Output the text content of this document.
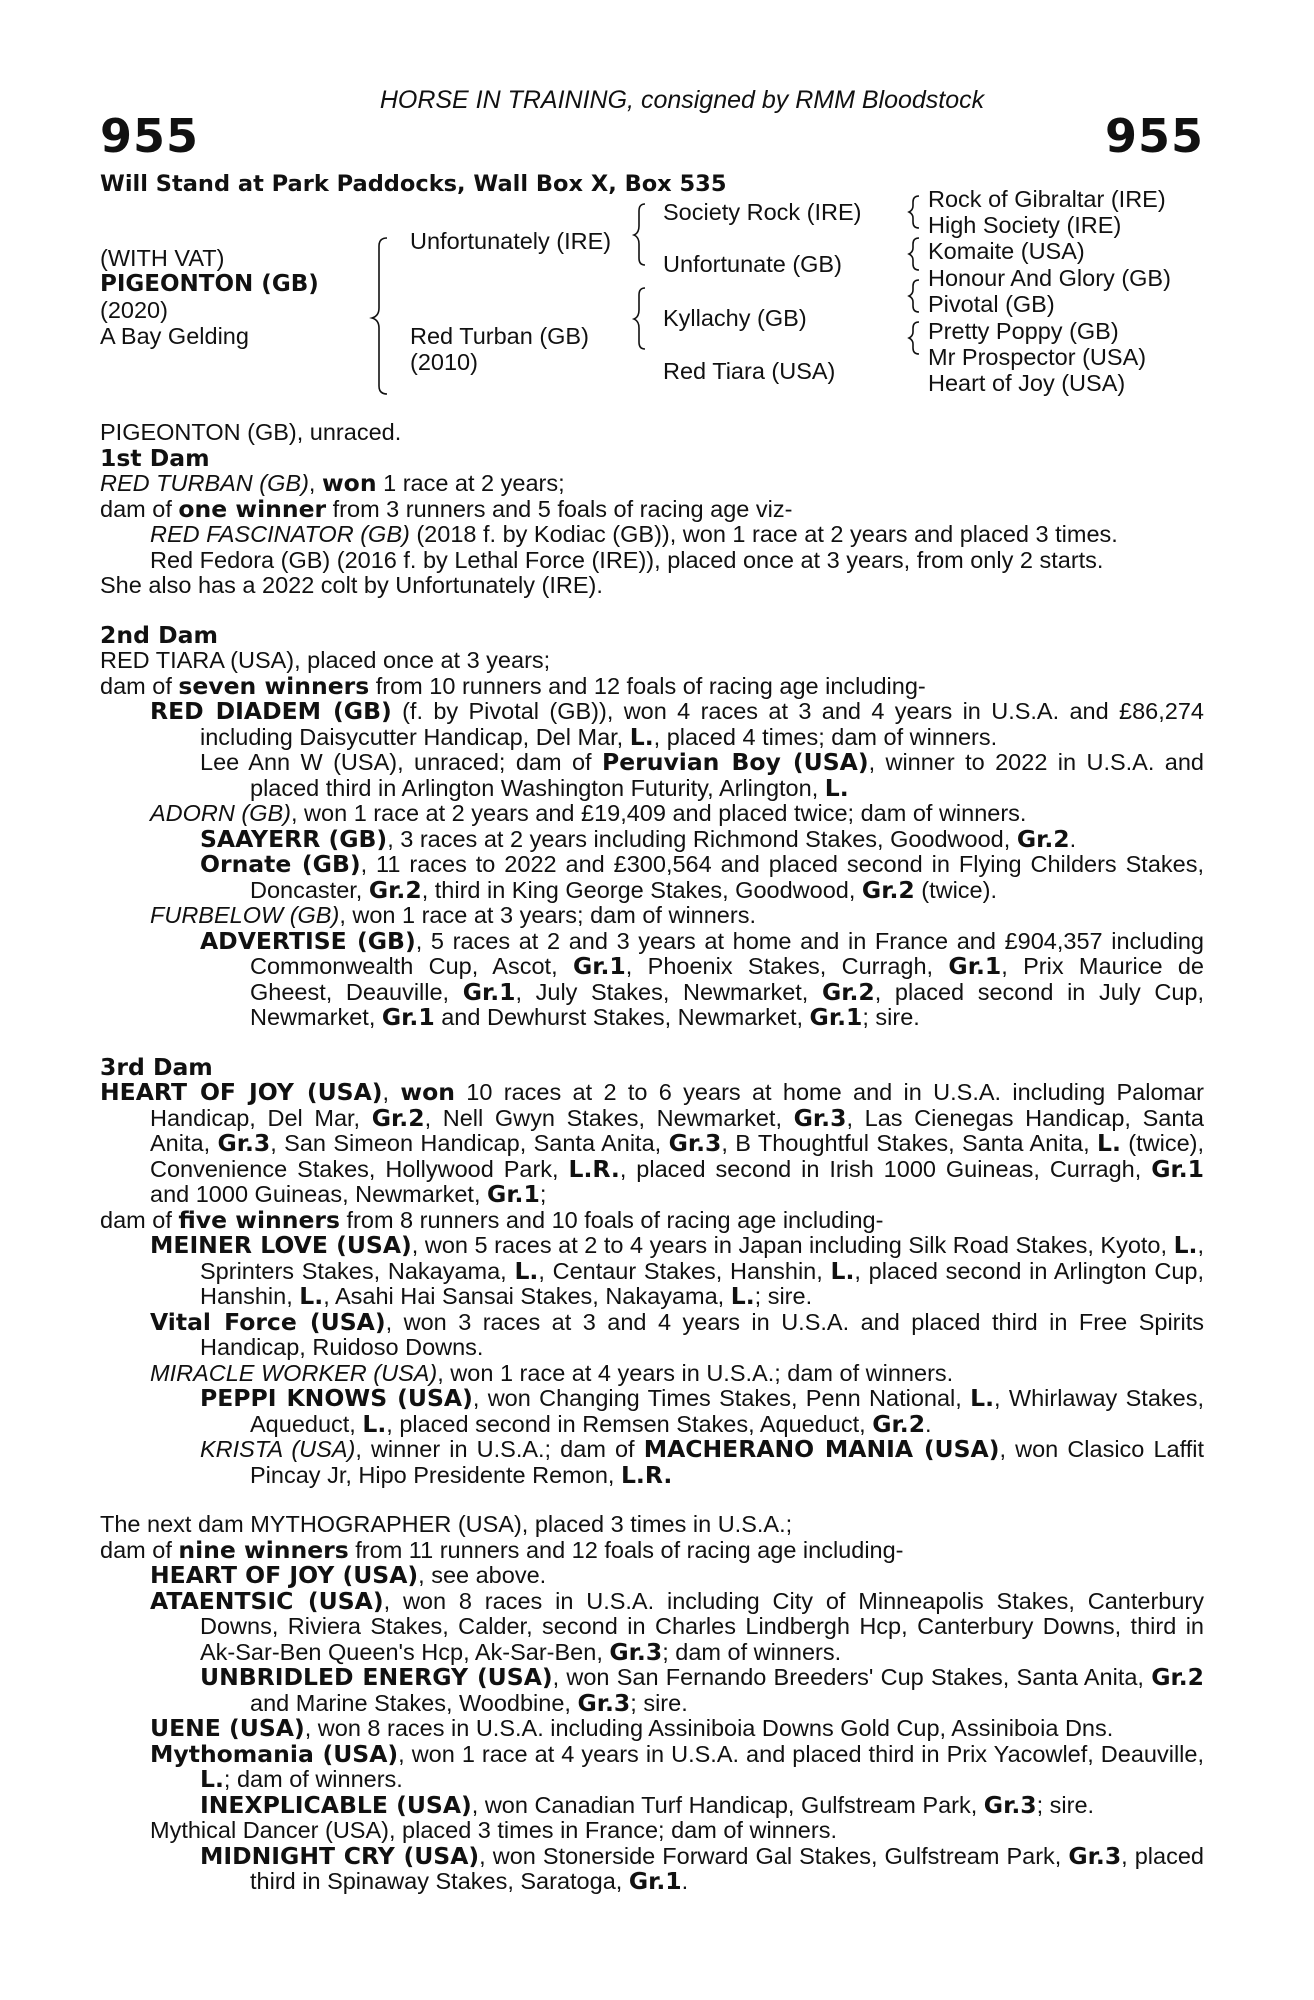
HORSE IN TRAINING, consigned by RMM Bloodstock
955	955
Will Stand at Park Paddocks, Wall Box X, Box 535
(WITH VAT)
PIGEONTON (GB)
(2020)
A Bay Gelding
Unfortunately (IRE)
Red Turban (GB)
(2010)
Society Rock (IRE)
Unfortunate (GB)
Kyllachy (GB)
Red Tiara (USA)
Rock of Gibraltar (IRE)
High Society (IRE)
Komaite (USA)
Honour And Glory (GB)
Pivotal (GB)
Pretty Poppy (GB)
Mr Prospector (USA)
Heart of Joy (USA)

PIGEONTON (GB), unraced.

1st Dam

RED TURBAN (GB), won 1 race at 2 years;

dam of one winner from 3 runners and 5 foals of racing age viz-

RED FASCINATOR (GB) (2018 f. by Kodiac (GB)), won 1 race at 2 years and placed 3 times.

Red Fedora (GB) (2016 f. by Lethal Force (IRE)), placed once at 3 years, from only 2 starts.

She also has a 2022 colt by Unfortunately (IRE).

2nd Dam

RED TIARA (USA), placed once at 3 years;

dam of seven winners from 10 runners and 12 foals of racing age including-

RED DIADEM (GB) (f. by Pivotal (GB)), won 4 races at 3 and 4 years in U.S.A. and £86,274 including Daisycutter Handicap, Del Mar, L., placed 4 times; dam of winners.

Lee Ann W (USA), unraced; dam of Peruvian Boy (USA), winner to 2022 in U.S.A. and placed third in Arlington Washington Futurity, Arlington, L.

ADORN (GB), won 1 race at 2 years and £19,409 and placed twice; dam of winners.

SAAYERR (GB), 3 races at 2 years including Richmond Stakes, Goodwood, Gr.2.

Ornate (GB), 11 races to 2022 and £300,564 and placed second in Flying Childers Stakes, Doncaster, Gr.2, third in King George Stakes, Goodwood, Gr.2 (twice).

FURBELOW (GB), won 1 race at 3 years; dam of winners.

ADVERTISE (GB), 5 races at 2 and 3 years at home and in France and £904,357 including Commonwealth Cup, Ascot, Gr.1, Phoenix Stakes, Curragh, Gr.1, Prix Maurice de Gheest, Deauville, Gr.1, July Stakes, Newmarket, Gr.2, placed second in July Cup, Newmarket, Gr.1 and Dewhurst Stakes, Newmarket, Gr.1; sire.

3rd Dam

HEART OF JOY (USA), won 10 races at 2 to 6 years at home and in U.S.A. including Palomar Handicap, Del Mar, Gr.2, Nell Gwyn Stakes, Newmarket, Gr.3, Las Cienegas Handicap, Santa Anita, Gr.3, San Simeon Handicap, Santa Anita, Gr.3, B Thoughtful Stakes, Santa Anita, L. (twice), Convenience Stakes, Hollywood Park, L.R., placed second in Irish 1000 Guineas, Curragh, Gr.1 and 1000 Guineas, Newmarket, Gr.1;

dam of five winners from 8 runners and 10 foals of racing age including-

MEINER LOVE (USA), won 5 races at 2 to 4 years in Japan including Silk Road Stakes, Kyoto, L., Sprinters Stakes, Nakayama, L., Centaur Stakes, Hanshin, L., placed second in Arlington Cup, Hanshin, L., Asahi Hai Sansai Stakes, Nakayama, L.; sire.

Vital Force (USA), won 3 races at 3 and 4 years in U.S.A. and placed third in Free Spirits Handicap, Ruidoso Downs.

MIRACLE WORKER (USA), won 1 race at 4 years in U.S.A.; dam of winners.

PEPPI KNOWS (USA), won Changing Times Stakes, Penn National, L., Whirlaway Stakes, Aqueduct, L., placed second in Remsen Stakes, Aqueduct, Gr.2.

KRISTA (USA), winner in U.S.A.; dam of MACHERANO MANIA (USA), won Clasico Laffit Pincay Jr, Hipo Presidente Remon, L.R.

The next dam MYTHOGRAPHER (USA), placed 3 times in U.S.A.;

dam of nine winners from 11 runners and 12 foals of racing age including-

HEART OF JOY (USA), see above.

ATAENTSIC (USA), won 8 races in U.S.A. including City of Minneapolis Stakes, Canterbury Downs, Riviera Stakes, Calder, second in Charles Lindbergh Hcp, Canterbury Downs, third in Ak-Sar-Ben Queen's Hcp, Ak-Sar-Ben, Gr.3; dam of winners.

UNBRIDLED ENERGY (USA), won San Fernando Breeders' Cup Stakes, Santa Anita, Gr.2 and Marine Stakes, Woodbine, Gr.3; sire.

UENE (USA), won 8 races in U.S.A. including Assiniboia Downs Gold Cup, Assiniboia Dns.

Mythomania (USA), won 1 race at 4 years in U.S.A. and placed third in Prix Yacowlef, Deauville, L.; dam of winners.

INEXPLICABLE (USA), won Canadian Turf Handicap, Gulfstream Park, Gr.3; sire.

Mythical Dancer (USA), placed 3 times in France; dam of winners.

MIDNIGHT CRY (USA), won Stonerside Forward Gal Stakes, Gulfstream Park, Gr.3, placed third in Spinaway Stakes, Saratoga, Gr.1.
